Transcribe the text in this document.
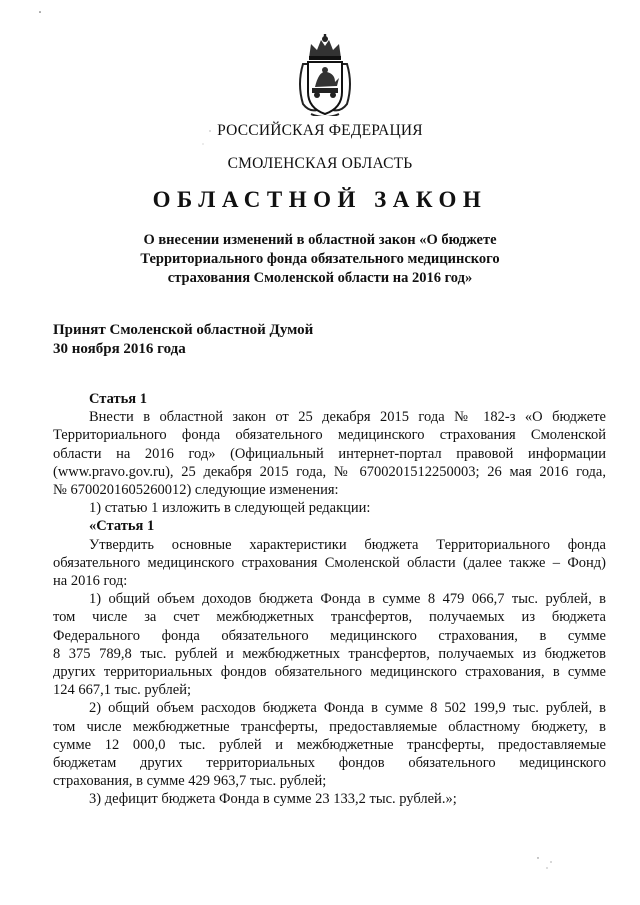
РОССИЙСКАЯ ФЕДЕРАЦИЯ
СМОЛЕНСКАЯ ОБЛАСТЬ
ОБЛАСТНОЙ ЗАКОН
О внесении изменений в областной закон «О бюджете
Территориального фонда обязательного медицинского
страхования Смоленской области на 2016 год»
Принят Смоленской областной Думой
30 ноября 2016 года
Статья 1
Внести в областной закон от 25 декабря 2015 года № 182-з «О бюджете
Территориального фонда обязательного медицинского страхования Смоленской
области на 2016 год» (Официальный интернет-портал правовой информации
(www.pravo.gov.ru), 25 декабря 2015 года, № 6700201512250003; 26 мая 2016 года,
№ 6700201605260012) следующие изменения:
1) статью 1 изложить в следующей редакции:
«Статья 1
Утвердить основные характеристики бюджета Территориального фонда
обязательного медицинского страхования Смоленской области (далее также – Фонд)
на 2016 год:
1) общий объем доходов бюджета Фонда в сумме 8 479 066,7 тыс. рублей, в
том числе за счет межбюджетных трансфертов, получаемых из бюджета
Федерального фонда обязательного медицинского страхования, в сумме
8 375 789,8 тыс. рублей и межбюджетных трансфертов, получаемых из бюджетов
других территориальных фондов обязательного медицинского страхования, в сумме
124 667,1 тыс. рублей;
2) общий объем расходов бюджета Фонда в сумме 8 502 199,9 тыс. рублей, в
том числе межбюджетные трансферты, предоставляемые областному бюджету, в
сумме 12 000,0 тыс. рублей и межбюджетные трансферты, предоставляемые
бюджетам других территориальных фондов обязательного медицинского
страхования, в сумме 429 963,7 тыс. рублей;
3) дефицит бюджета Фонда в сумме 23 133,2 тыс. рублей.»;
